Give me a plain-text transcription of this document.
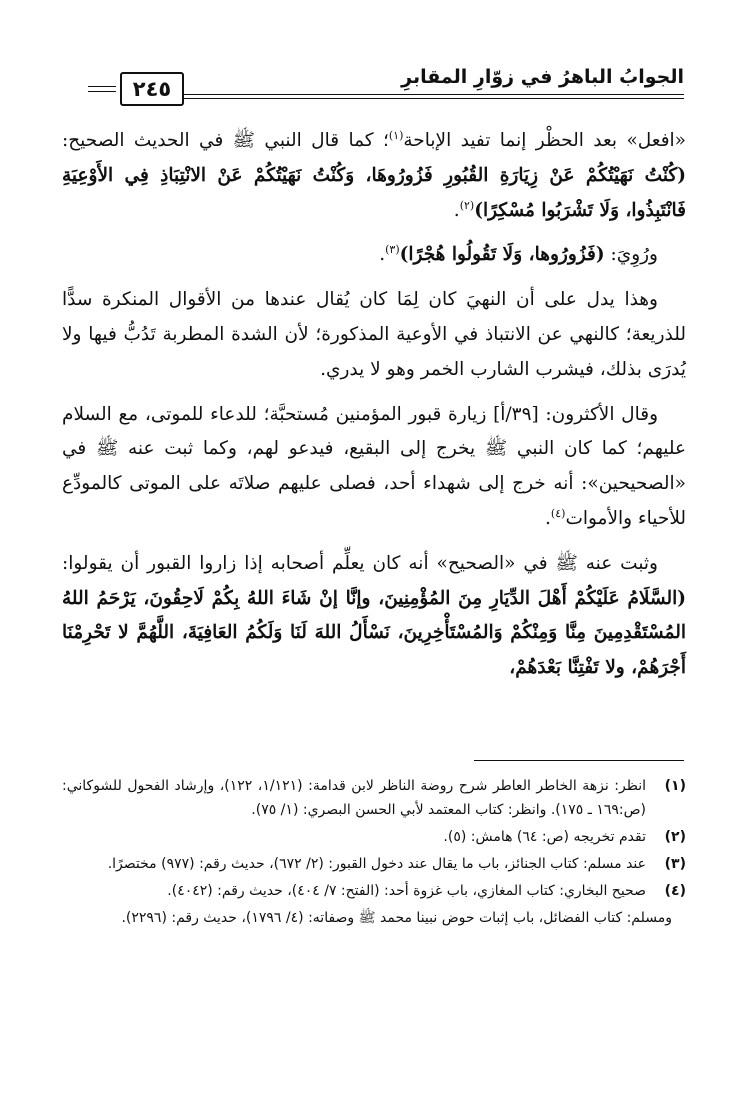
الجوابُ الباهرُ في زوّارِ المقابرِ
٢٤٥

«افعل» بعد الحظْر إنما تفيد الإباحة$^{(١)}$؛ كما قال النبي ﷺ في الحديث الصحيح: (كُنْتُ نَهَيْتُكُمْ عَنْ زِيَارَةِ القُبُورِ فَزُورُوهَا، وَكُنْتُ نَهَيْتُكُمْ عَنْ الانْتِبَاذِ فِي الأَوْعِيَةِ فَانْتَبِذُوا، وَلَا تَشْرَبُوا مُسْكِرًا)$^{(٢)}$.

ورُوِيَ: (فَزُورُوها، وَلَا تَقُولُوا هُجْرًا)$^{(٣)}$.

وهذا يدل على أن النهيَ كان لِمَا كان يُقال عندها من الأقوال المنكرة سدًّا للذريعة؛ كالنهي عن الانتباذ في الأوعية المذكورة؛ لأن الشدة المطربة تَدُبُّ فيها ولا يُدرَى بذلك، فيشرب الشارب الخمر وهو لا يدري.

وقال الأكثرون: [٣٩/أ] زيارة قبور المؤمنين مُستحبَّة؛ للدعاء للموتى، مع السلام عليهم؛ كما كان النبي ﷺ يخرج إلى البقيع، فيدعو لهم، وكما ثبت عنه ﷺ في «الصحيحين»: أنه خرج إلى شهداء أحد، فصلى عليهم صلاتَه على الموتى كالمودِّع للأحياء والأموات$^{(٤)}$.

وثبت عنه ﷺ في «الصحيح» أنه كان يعلِّم أصحابه إذا زاروا القبور أن يقولوا: (السَّلَامُ عَلَيْكُمْ أَهْلَ الدِّيَارِ مِنَ المُؤْمِنِينَ، وإنَّا إنْ شَاءَ اللهُ بِكُمْ لَاحِقُونَ، يَرْحَمُ اللهُ المُسْتَقْدِمِينَ مِنَّا وَمِنْكُمْ وَالمُسْتَأْخِرِينَ، نَسْأَلُ اللهَ لَنَا وَلَكُمُ العَافِيَةَ، اللَّهُمَّ لا تَحْرِمْنَا أَجْرَهُمْ، ولا تَفْتِنَّا بَعْدَهُمْ،

(١)
انظر: نزهة الخاطر العاطر شرح روضة الناظر لابن قدامة: (١/١٢١، ١٢٢)، وإرشاد الفحول للشوكاني: (ص:١٦٩ ـ ١٧٥). وانظر: كتاب المعتمد لأبي الحسن البصري: (١/ ٧٥).
(٢)
تقدم تخريجه (ص: ٦٤) هامش: (٥).
(٣)
عند مسلم: كتاب الجنائز، باب ما يقال عند دخول القبور: (٢/ ٦٧٢)، حديث رقم: (٩٧٧) مختصرًا.
(٤)
صحيح البخاري: كتاب المغازي، باب غزوة أحد: (الفتح: ٧/ ٤٠٤)، حديث رقم: (٤٠٤٢).
ومسلم: كتاب الفضائل، باب إثبات حوض نبينا محمد ﷺ وصفاته: (٤/ ١٧٩٦)، حديث رقم: (٢٢٩٦).
